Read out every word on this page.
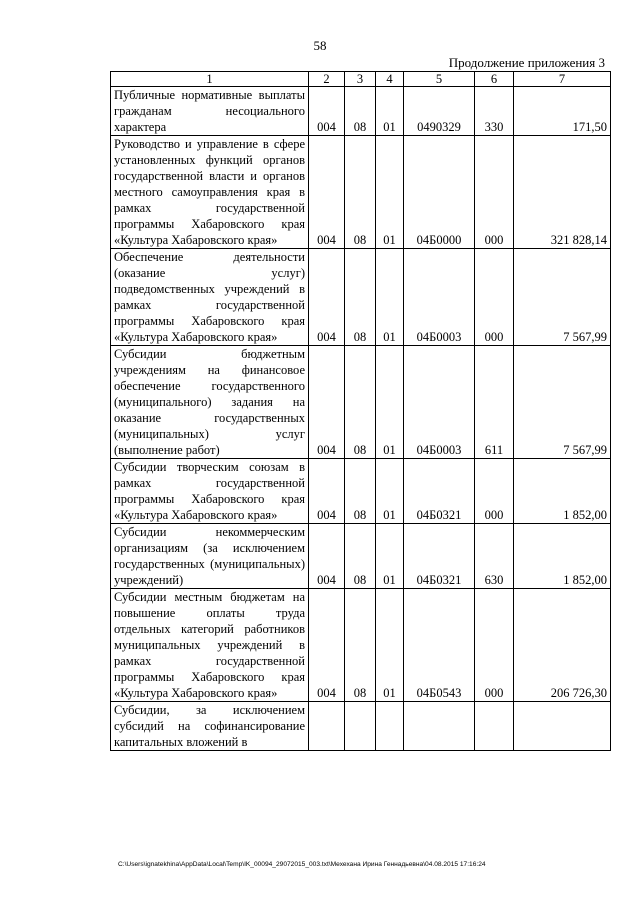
58
Продолжение приложения 3
1	2	3	4	5	6	7
Публичные нормативные выплаты гражданам несоциального характера	004	08	01	0490329	330	171,50
Руководство и управление в сфере установленных функций органов государственной власти и органов местного самоуправления края в рамках государственной программы Хабаровского края «Культура Хабаровского края»	004	08	01	04Б0000	000	321 828,14
Обеспечение деятельности (оказание услуг) подведомственных учреждений в рамках государственной программы Хабаровского края «Культура Хабаровского края»	004	08	01	04Б0003	000	7 567,99
Субсидии бюджетным учреждениям на финансовое обеспечение государственного (муниципального) задания на оказание государственных (муниципальных) услуг (выполнение работ)	004	08	01	04Б0003	611	7 567,99
Субсидии творческим союзам в рамках государственной программы Хабаровского края «Культура Хабаровского края»	004	08	01	04Б0321	000	1 852,00
Субсидии некоммерческим организациям (за исключением государственных (муниципальных) учреждений)	004	08	01	04Б0321	630	1 852,00
Субсидии местным бюджетам на повышение оплаты труда отдельных категорий работников муниципальных учреждений в рамках государственной программы Хабаровского края «Культура Хабаровского края»	004	08	01	04Б0543	000	206 726,30
Субсидии, за исключением субсидий на софинансирование капитальных вложений в						
C:\Users\ignatekhina\AppData\Local\Temp\IK_00094_29072015_003.txt\Мехеханa Ирина Геннадьевна\04.08.2015 17:16:24
